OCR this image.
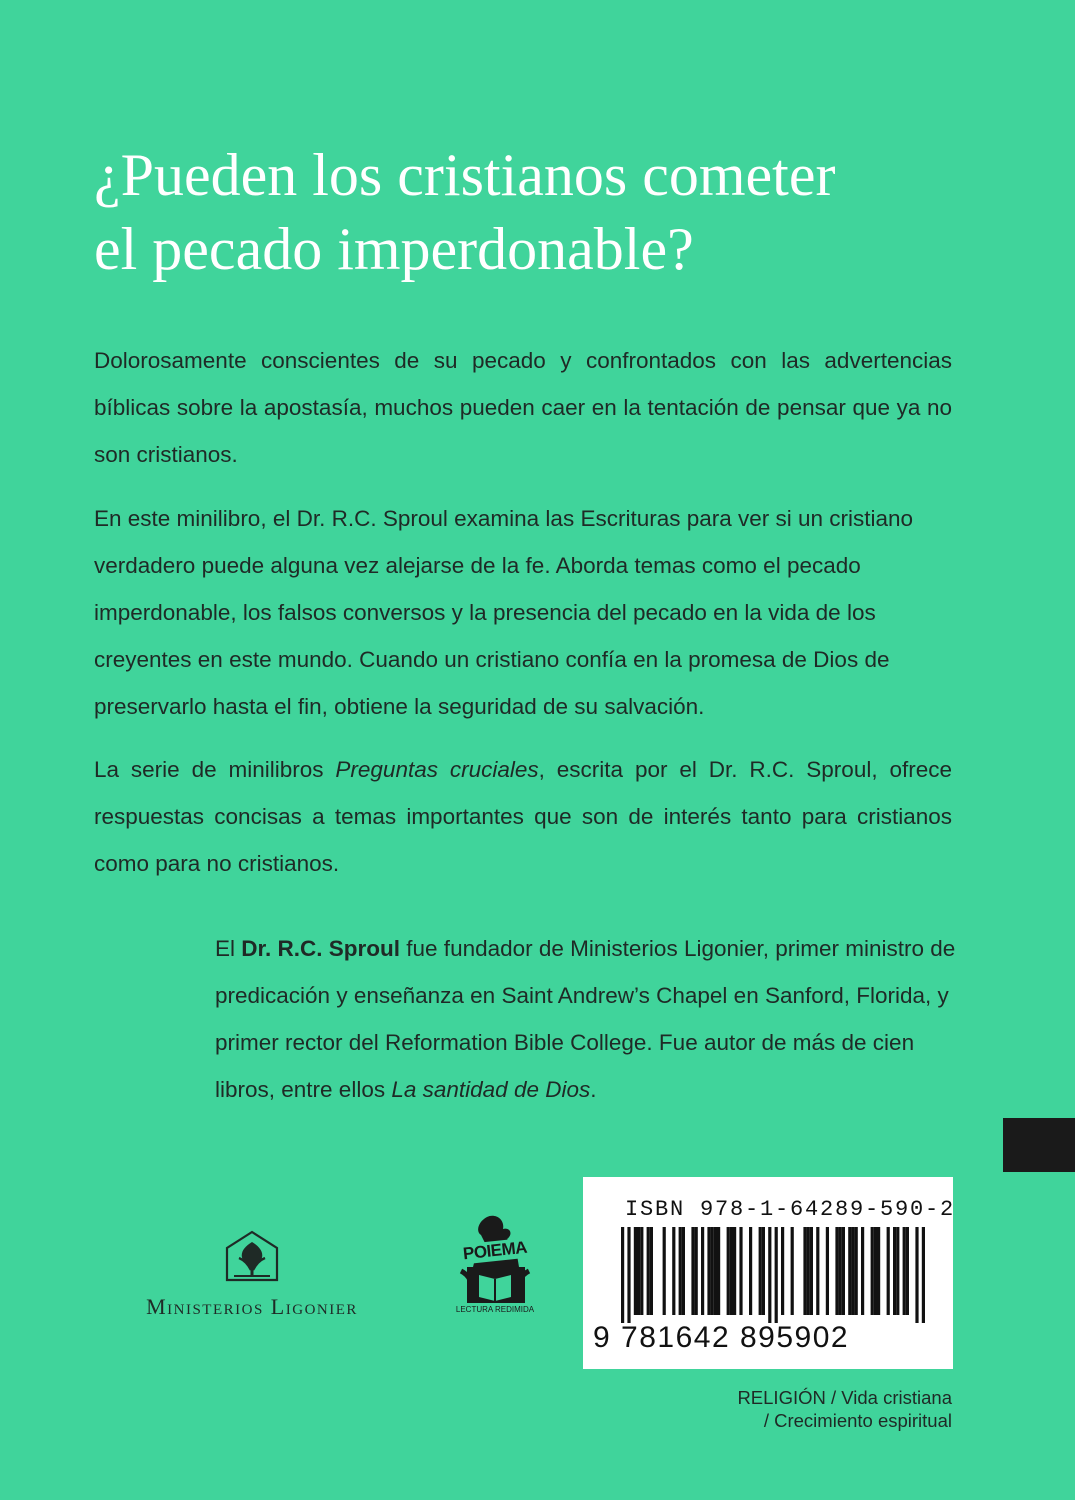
¿Pueden los cristianos cometer
el pecado imperdonable?

Dolorosamente conscientes de su pecado y confrontados con las advertencias bíblicas sobre la apostasía, muchos pueden caer en la tentación de pensar que ya no son cristianos.

En este minilibro, el Dr. R.C. Sproul examina las Escrituras para ver si un cristiano verdadero puede alguna vez alejarse de la fe. Aborda temas como el pecado imperdonable, los falsos conversos y la presencia del pecado en la vida de los creyentes en este mundo. Cuando un cristiano confía en la promesa de Dios de preservarlo hasta el fin, obtiene la seguridad de su salvación.

La serie de minilibros Preguntas cruciales, escrita por el Dr. R.C. Sproul, ofrece respuestas concisas a temas importantes que son de interés tanto para cristianos como para no cristianos.

El Dr. R.C. Sproul fue fundador de Ministerios Ligonier, primer ministro de predicación y enseñanza en Saint Andrew’s Chapel en Sanford, Florida, y primer rector del Reformation Bible College. Fue autor de más de cien libros, entre ellos La santidad de Dios.

Ministerios Ligonier
POIEMA
LECTURA REDIMIDA
ISBN 978-1-64289-590-2
9 781642 895902
RELIGIÓN / Vida cristiana
/ Crecimiento espiritual
